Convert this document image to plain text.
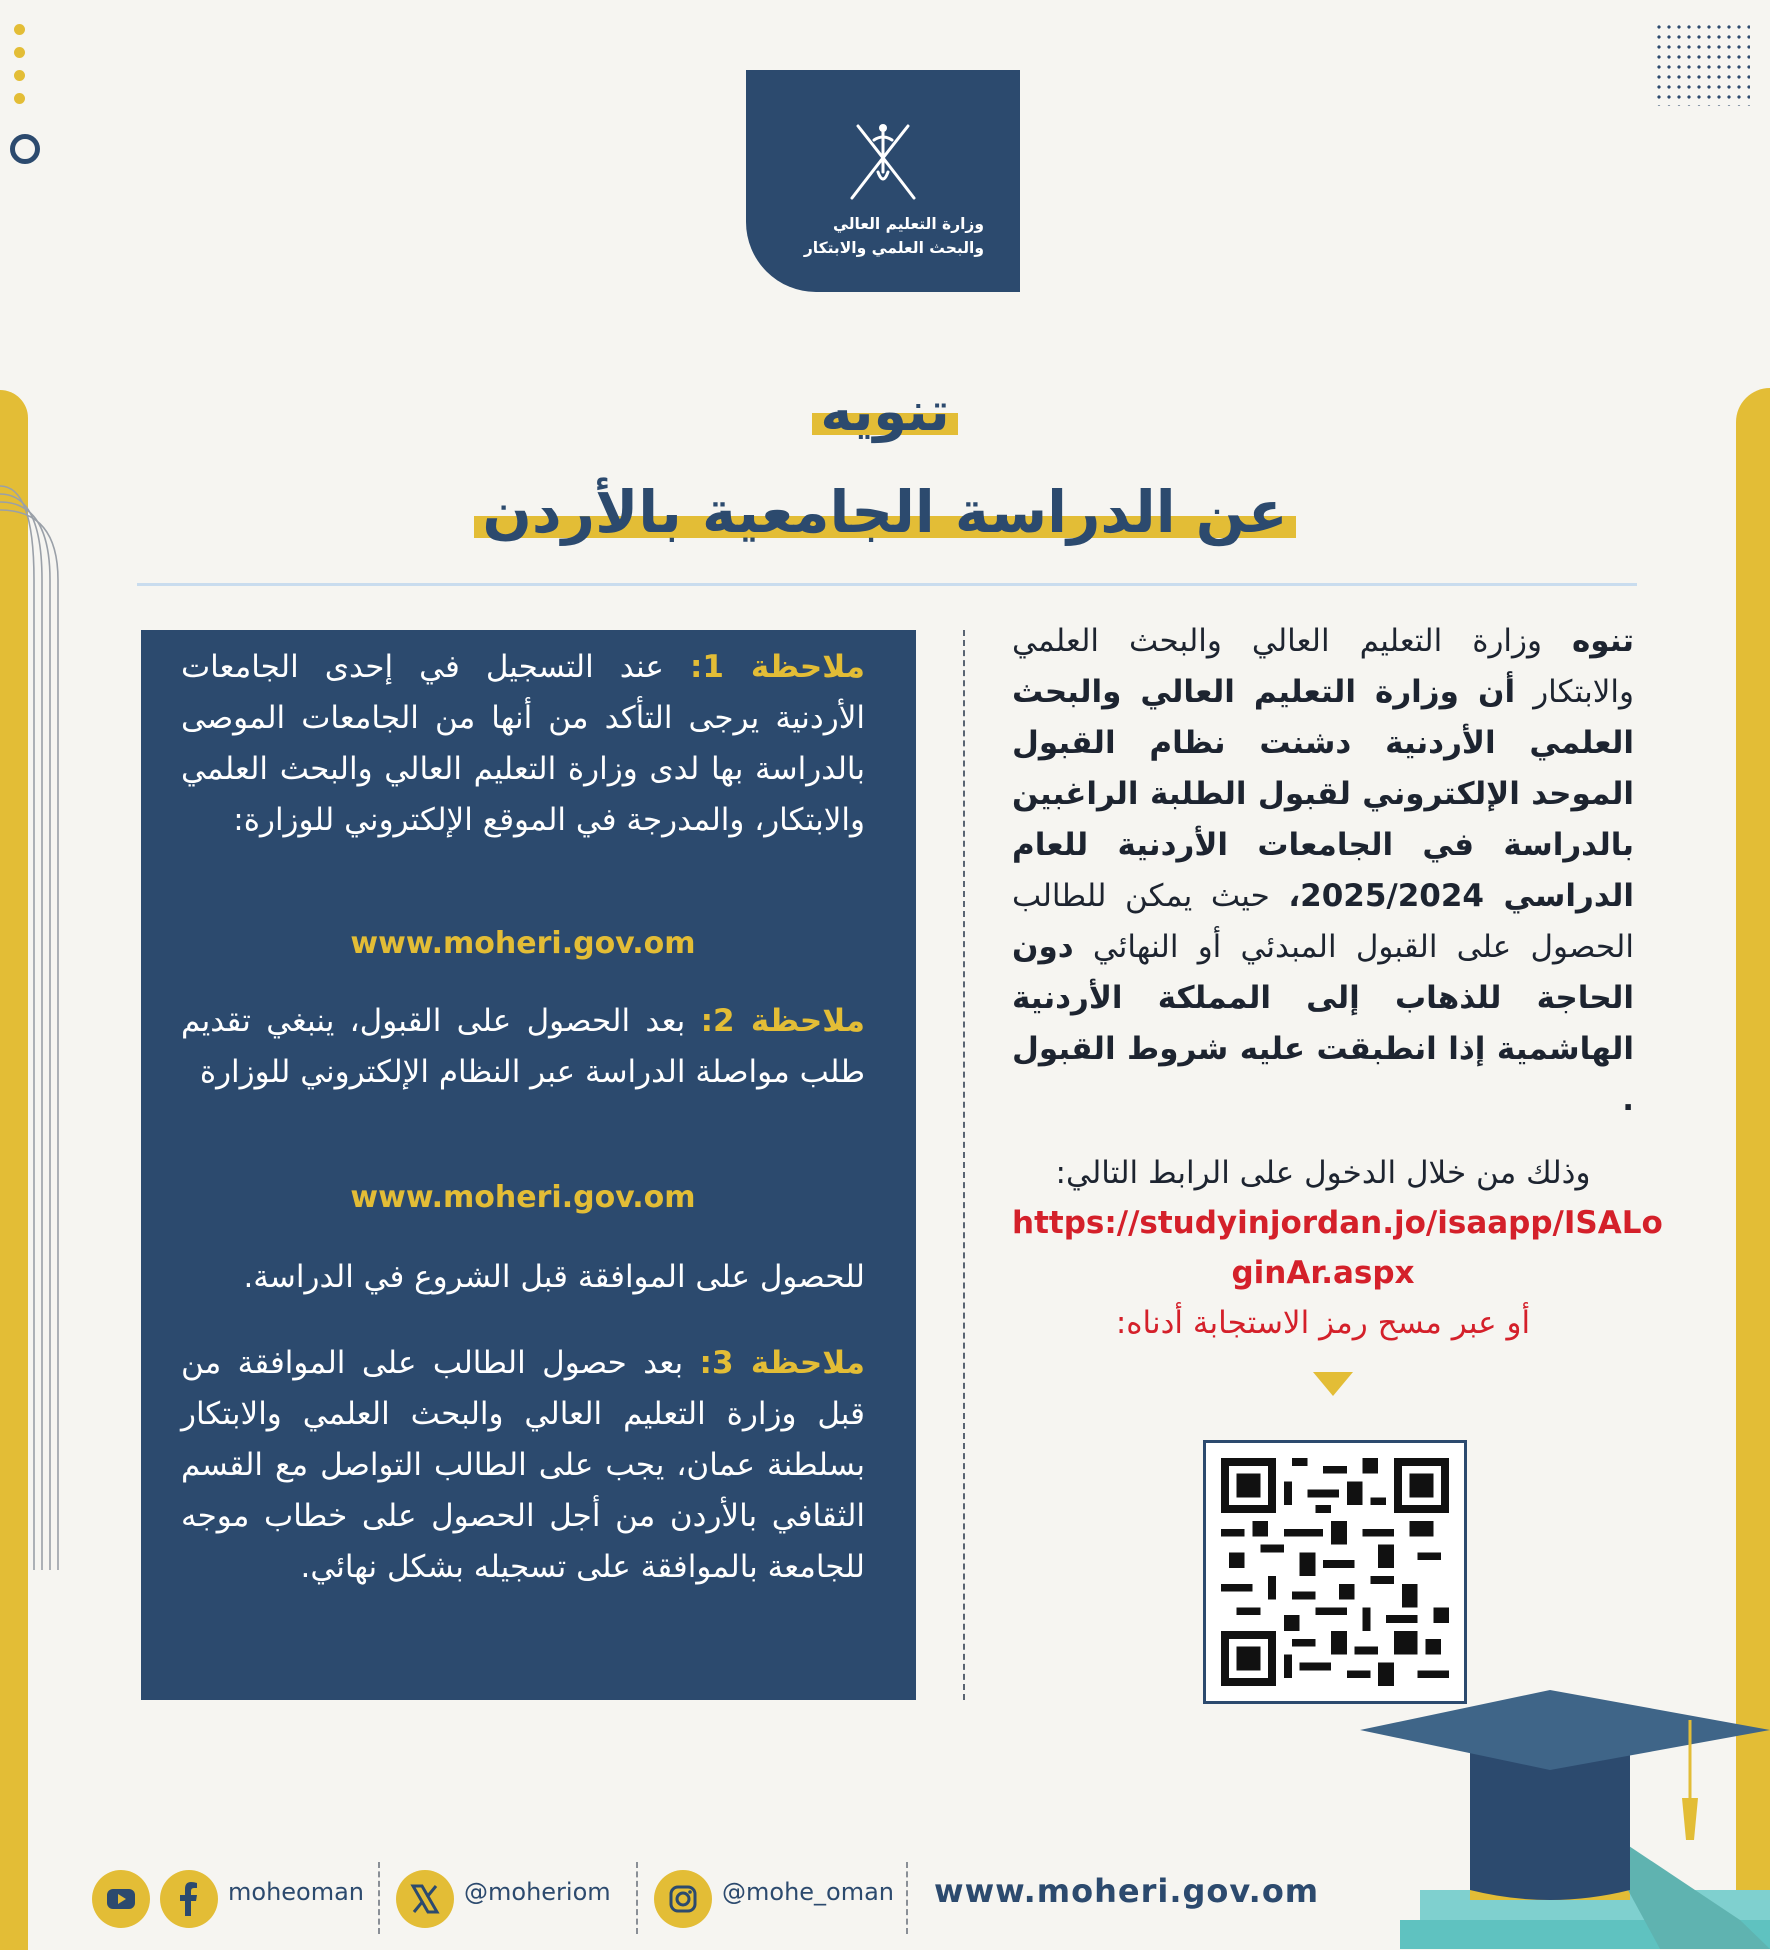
وزارة التعليم العالي
والبحث العلمي والابتكار
تنويه
عن الدراسة الجامعية بالأردن
ملاحظة 1: عند التسجيل في إحدى الجامعات الأردنية يرجى التأكد من أنها من الجامعات الموصى بالدراسة بها لدى وزارة التعليم العالي والبحث العلمي والابتكار، والمدرجة في الموقع الإلكتروني للوزارة:
www.moheri.gov.om
ملاحظة 2: بعد الحصول على القبول، ينبغي تقديم طلب مواصلة الدراسة عبر النظام الإلكتروني للوزارة
www.moheri.gov.om
للحصول على الموافقة قبل الشروع في الدراسة.
ملاحظة 3: بعد حصول الطالب على الموافقة من قبل وزارة التعليم العالي والبحث العلمي والابتكار بسلطنة عمان، يجب على الطالب التواصل مع القسم الثقافي بالأردن من أجل الحصول على خطاب موجه للجامعة بالموافقة على تسجيله بشكل نهائي.
تنوه وزارة التعليم العالي والبحث العلمي والابتكار أن وزارة التعليم العالي والبحث العلمي الأردنية دشنت نظام القبول الموحد الإلكتروني لقبول الطلبة الراغبين بالدراسة في الجامعات الأردنية للعام الدراسي 2025/2024، حيث يمكن للطالب الحصول على القبول المبدئي أو النهائي دون الحاجة للذهاب إلى المملكة الأردنية الهاشمية إذا انطبقت عليه شروط القبول .
وذلك من خلال الدخول على الرابط التالي:
https://studyinjordan.jo/isaapp/ISALo
ginAr.aspx
أو عبر مسح رمز الاستجابة أدناه:
moheoman	@moheriom	@mohe_oman www.moheri.gov.om
